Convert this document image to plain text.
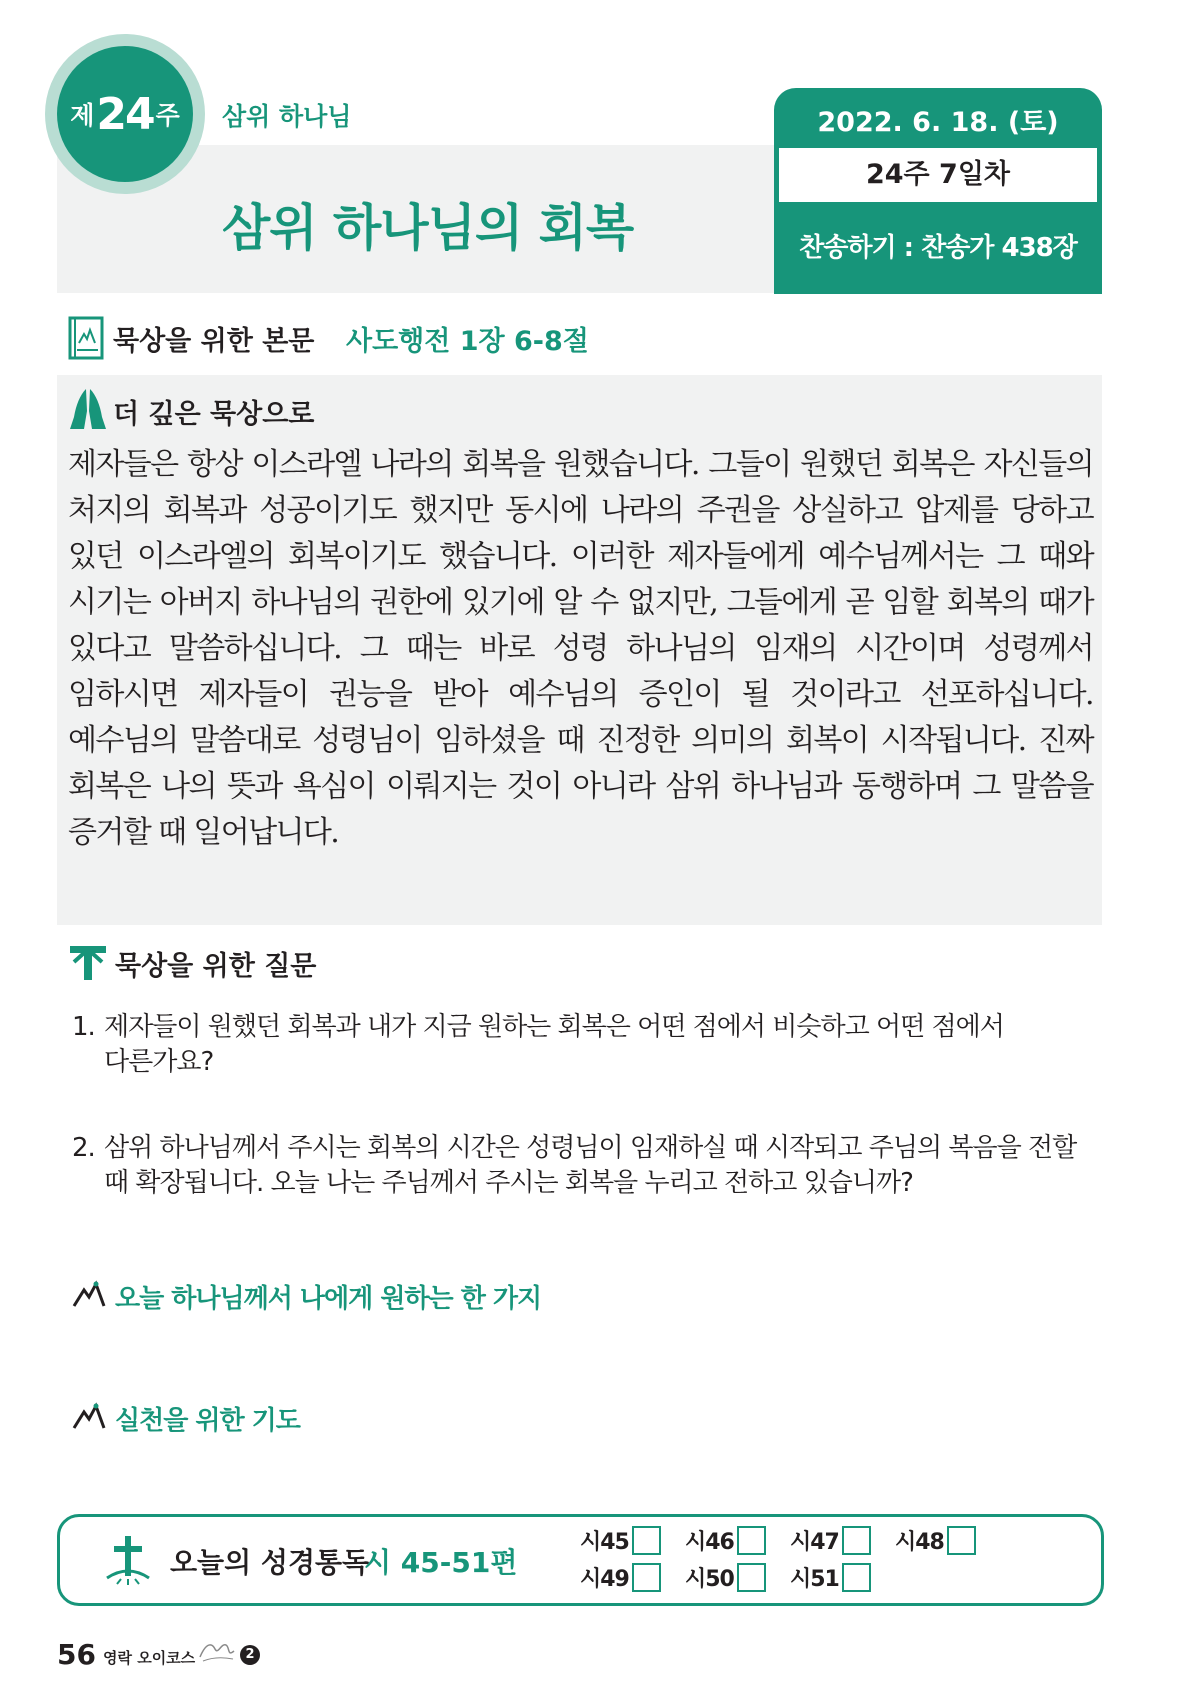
제 24 주 삼위 하나님
삼위 하나님의 회복
2022. 6. 18. (토)
24주 7일차
찬송하기 : 찬송가 438장
묵상을 위한 본문 사도행전 1장 6-8절
더 깊은 묵상으로
제자들은 항상 이스라엘 나라의 회복을 원했습니다. 그들이 원했던 회복은 자신들의 처지의 회복과 성공이기도 했지만 동시에 나라의 주권을 상실하고 압제를 당하고 있던 이스라엘의 회복이기도 했습니다. 이러한 제자들에게 예수님께서는 그 때와 시기는 아버지 하나님의 권한에 있기에 알 수 없지만, 그들에게 곧 임할 회복의 때가 있다고 말씀하십니다. 그 때는 바로 성령 하나님의 임재의 시간이며 성령께서 임하시면 제자들이 권능을 받아 예수님의 증인이 될 것이라고 선포하십니다. 예수님의 말씀대로 성령님이 임하셨을 때 진정한 의미의 회복이 시작됩니다. 진짜 회복은 나의 뜻과 욕심이 이뤄지는 것이 아니라 삼위 하나님과 동행하며 그 말씀을 증거할 때 일어납니다.
묵상을 위한 질문
1. 제자들이 원했던 회복과 내가 지금 원하는 회복은 어떤 점에서 비슷하고 어떤 점에서 다른가요?
2. 삼위 하나님께서 주시는 회복의 시간은 성령님이 임재하실 때 시작되고 주님의 복음을 전할 때 확장됩니다. 오늘 나는 주님께서 주시는 회복을 누리고 전하고 있습니까?
오늘 하나님께서 나에게 원하는 한 가지
실천을 위한 기도
오늘의 성경통독
시 45-51편
시45	시46	시47	시48
시49	시50	시51
56 영락 오이코스	2
